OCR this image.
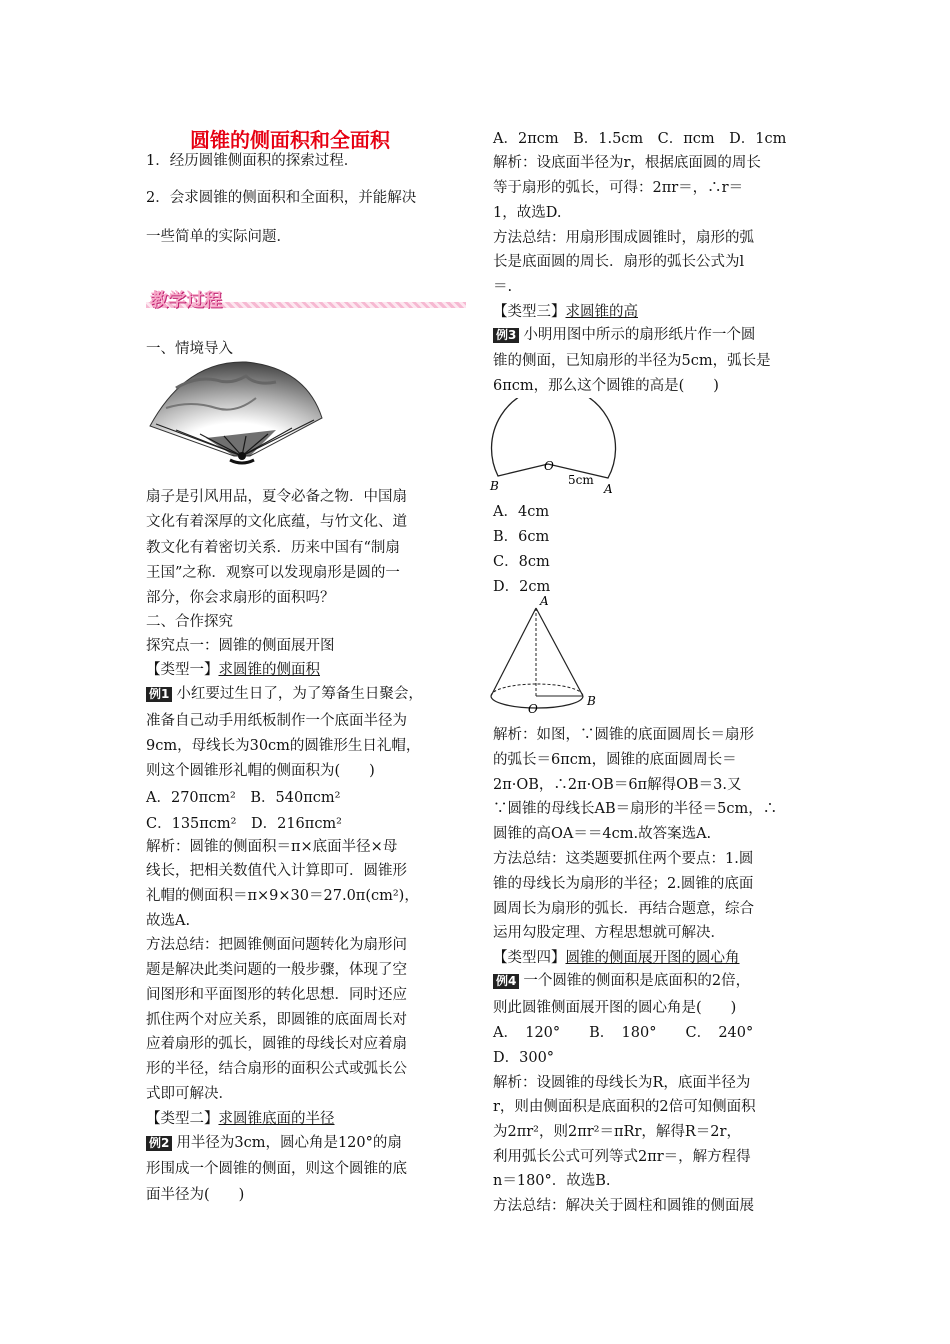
圆锥的侧面积和全面积
1．经历圆锥侧面积的探索过程．
2．会求圆锥的侧面积和全面积，并能解决
一些简单的实际问题．
教学过程
一、情境导入
扇子是引风用品，夏令必备之物．中国扇
文化有着深厚的文化底蕴，与竹文化、道
教文化有着密切关系．历来中国有“制扇
王国”之称．观察可以发现扇形是圆的一
部分，你会求扇形的面积吗？
二、合作探究
探究点一：圆锥的侧面展开图
【类型一】求圆锥的侧面积
例1 小红要过生日了，为了筹备生日聚会，
准备自己动手用纸板制作一个底面半径为
9cm，母线长为30cm的圆锥形生日礼帽，
则这个圆锥形礼帽的侧面积为(　　)
A．270πcm²　B．540πcm²
C．135πcm²　D．216πcm²
解析：圆锥的侧面积＝π×底面半径×母
线长，把相关数值代入计算即可．圆锥形
礼帽的侧面积＝π×9×30＝27.0π(cm²)，
故选A.
方法总结：把圆锥侧面问题转化为扇形问
题是解决此类问题的一般步骤，体现了空
间图形和平面图形的转化思想．同时还应
抓住两个对应关系，即圆锥的底面周长对
应着扇形的弧长，圆锥的母线长对应着扇
形的半径，结合扇形的面积公式或弧长公
式即可解决．
【类型二】求圆锥底面的半径
例2 用半径为3cm，圆心角是120°的扇
形围成一个圆锥的侧面，则这个圆锥的底
面半径为(　　)
A．2πcm　B．1.5cm　C．πcm　D．1cm
解析：设底面半径为r，根据底面圆的周长
等于扇形的弧长，可得：2πr＝，∴r＝
1，故选D.
方法总结：用扇形围成圆锥时，扇形的弧
长是底面圆的周长．扇形的弧长公式为l
＝.
【类型三】求圆锥的高
例3 小明用图中所示的扇形纸片作一个圆
锥的侧面，已知扇形的半径为5cm，弧长是
6πcm，那么这个圆锥的高是(　　)
B
O
A
5cm
A．4cm
B．6cm
C．8cm
D．2cm
A
O
B
解析：如图，∵圆锥的底面圆周长＝扇形
的弧长＝6πcm，圆锥的底面圆周长＝
2π·OB，∴2π·OB＝6π解得OB＝3.又
∵圆锥的母线长AB＝扇形的半径＝5cm，∴
圆锥的高OA＝＝4cm.故答案选A.
方法总结：这类题要抓住两个要点：1.圆
锥的母线长为扇形的半径；2.圆锥的底面
圆周长为扇形的弧长．再结合题意，综合
运用勾股定理、方程思想就可解决．
【类型四】圆锥的侧面展开图的圆心角
例4 一个圆锥的侧面积是底面积的2倍，
则此圆锥侧面展开图的圆心角是(　　)
A．　120°　　B．　180°　　C．　240°
D．300°
解析：设圆锥的母线长为R，底面半径为
r，则由侧面积是底面积的2倍可知侧面积
为2πr²，则2πr²＝πRr，解得R＝2r，
利用弧长公式可列等式2πr＝，解方程得
n＝180°．故选B.
方法总结：解决关于圆柱和圆锥的侧面展
